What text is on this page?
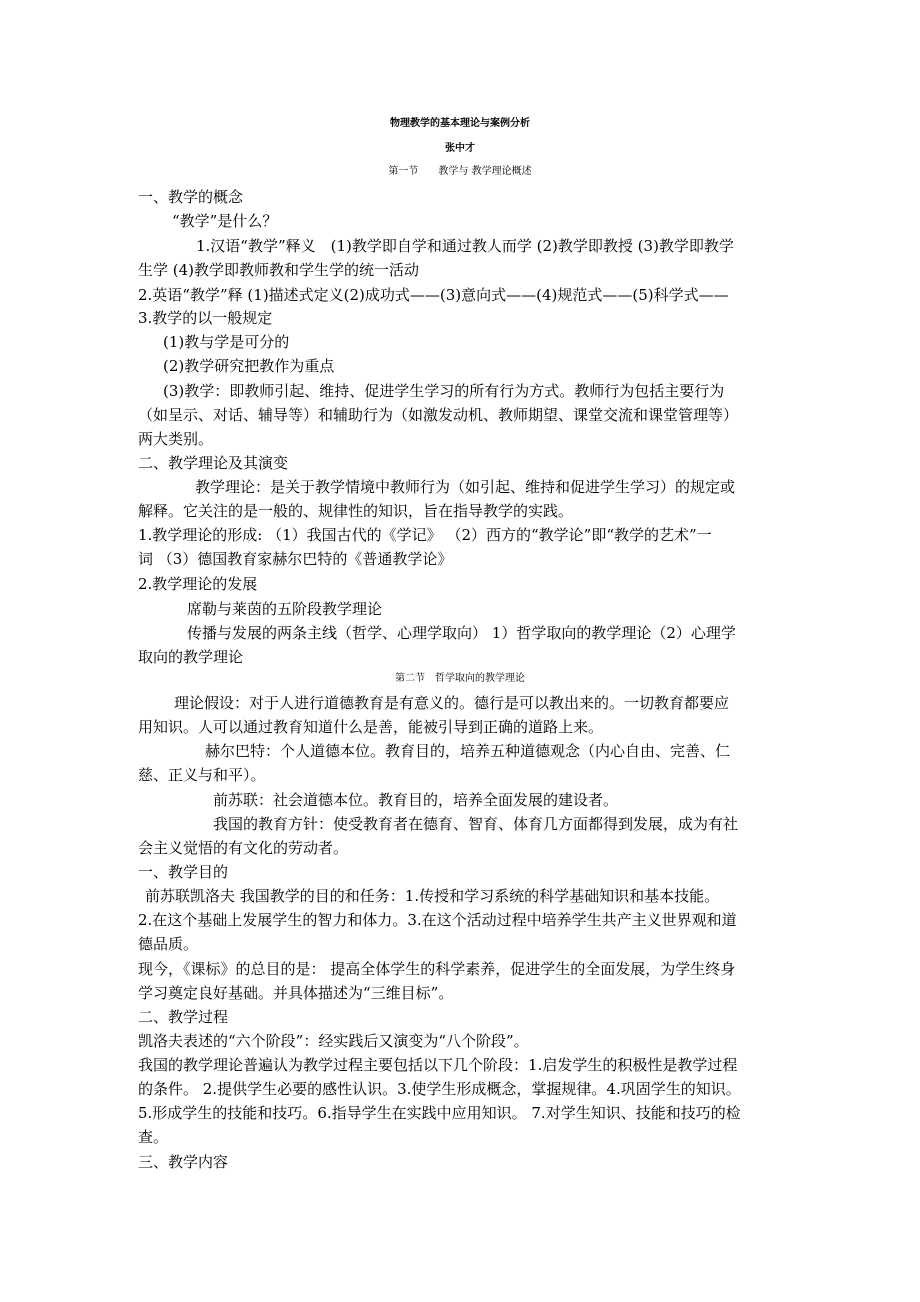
物理教学的基本理论与案例分析
张中才
第一节　　教学与 教学理论概述
一、教学的概念
“教学”是什么？
1.汉语“教学”释义　(1)教学即自学和通过教人而学 (2)教学即教授 (3)教学即教学
生学 (4)教学即教师教和学生学的统一活动
2.英语“教学”释 (1)描述式定义(2)成功式——(3)意向式——(4)规范式——(5)科学式——
3.教学的以一般规定
(1)教与学是可分的
(2)教学研究把教作为重点
(3)教学：即教师引起、维持、促进学生学习的所有行为方式。教师行为包括主要行为
（如呈示、对话、辅导等）和辅助行为（如激发动机、教师期望、课堂交流和课堂管理等）
两大类别。
二、教学理论及其演变
教学理论：是关于教学情境中教师行为（如引起、维持和促进学生学习）的规定或
解释。它关注的是一般的、规律性的知识，旨在指导教学的实践。
1.教学理论的形成: （1）我国古代的《学记》 （2）西方的“教学论”即“教学的艺术”一
词 （3）德国教育家赫尔巴特的《普通教学论》
2.教学理论的发展
席勒与莱茵的五阶段教学理论
传播与发展的两条主线（哲学、心理学取向） 1）哲学取向的教学理论（2）心理学
取向的教学理论
第二节　哲学取向的教学理论
理论假设：对于人进行道德教育是有意义的。德行是可以教出来的。一切教育都要应
用知识。人可以通过教育知道什么是善，能被引导到正确的道路上来。
赫尔巴特：个人道德本位。教育目的，培养五种道德观念（内心自由、完善、仁
慈、正义与和平）。
前苏联：社会道德本位。教育目的，培养全面发展的建设者。
我国的教育方针：使受教育者在德育、智育、体育几方面都得到发展，成为有社
会主义觉悟的有文化的劳动者。
一、教学目的
前苏联凯洛夫 我国教学的目的和任务：1.传授和学习系统的科学基础知识和基本技能。
2.在这个基础上发展学生的智力和体力。3.在这个活动过程中培养学生共产主义世界观和道
德品质。
现今，《课标》的总目的是： 提高全体学生的科学素养，促进学生的全面发展，为学生终身
学习奠定良好基础。并具体描述为“三维目标”。
二、教学过程
凯洛夫表述的“六个阶段”：经实践后又演变为“八个阶段”。
我国的教学理论普遍认为教学过程主要包括以下几个阶段：1.启发学生的积极性是教学过程
的条件。 2.提供学生必要的感性认识。3.使学生形成概念，掌握规律。4.巩固学生的知识。
5.形成学生的技能和技巧。6.指导学生在实践中应用知识。 7.对学生知识、技能和技巧的检
查。
三、教学内容
